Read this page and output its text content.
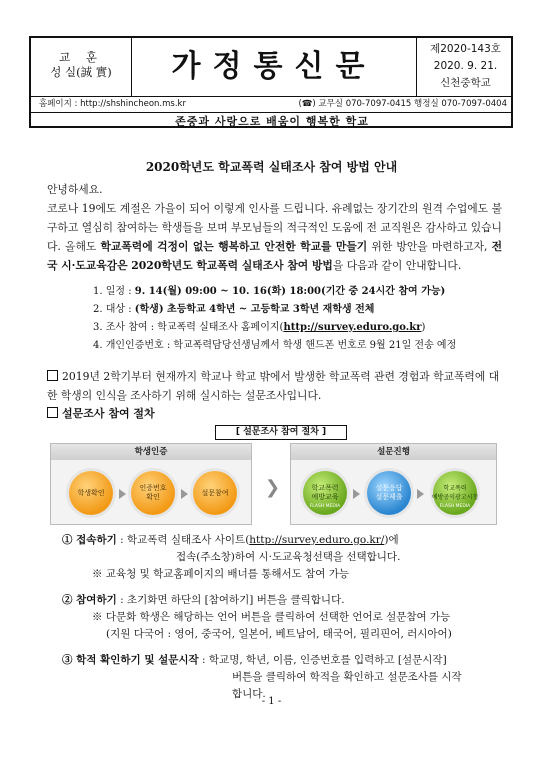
교 훈
성 실(誠 實)	가정통신문	제2020-143호
2020. 9. 21.
신천중학교
홈페이지 : http://shshincheon.ms.kr	(☎) 교무실 070-7097-0415 행정실 070-7097-0404
존중과 사랑으로 배움이 행복한 학교
2020학년도 학교폭력 실태조사 참여 방법 안내

안녕하세요.

코로나 19에도 계절은 가을이 되어 이렇게 인사를 드립니다. 유례없는 장기간의 원격 수업에도 불구하고 열심히 참여하는 학생들을 보며 부모님들의 적극적인 도움에 전 교직원은 감사하고 있습니다. 올해도 학교폭력에 걱정이 없는 행복하고 안전한 학교를 만들기 위한 방안을 마련하고자, 전국 시·도교육감은 2020학년도 학교폭력 실태조사 참여 방법을 다음과 같이 안내합니다.

1. 일정 : 9. 14(월) 09:00 ~ 10. 16(화) 18:00(기간 중 24시간 참여 가능)
2. 대상 : (학생) 초등학교 4학년 ~ 고등학교 3학년 재학생 전체
3. 조사 참여 : 학교폭력 실태조사 홈페이지(http://survey.eduro.go.kr)
4. 개인인증번호 : 학교폭력담당선생님께서 학생 핸드폰 번호로 9월 21일 전송 예정
2019년 2학기부터 현재까지 학교나 학교 밖에서 발생한 학교폭력 관련 경험과 학교폭력에 대한 학생의 인식을 조사하기 위해 실시하는 설문조사입니다.
설문조사 참여 절차
[ 설문조사 참여 절차 ]
학생인증
학생확인
인증번호
확인
설문참여	❯
설문진행
학교폭력
예방교육
FLASH MEDIA
설문응답
설문제출
학교폭력
예방공익광고시청
FLASH MEDIA
① 접속하기 : 학교폭력 실태조사 사이트(http://survey.eduro.go.kr/)에
접속(주소창)하여 시·도교육청선택을 선택합니다.
※ 교육청 및 학교홈페이지의 배너를 통해서도 참여 가능
② 참여하기 : 초기화면 하단의 [참여하기] 버튼을 클릭합니다.
※ 다문화 학생은 해당하는 언어 버튼을 클릭하여 선택한 언어로 설문참여 가능
(지원 다국어 : 영어, 중국어, 일본어, 베트남어, 태국어, 필리핀어, 러시아어)
③ 학적 확인하기 및 설문시작 : 학교명, 학년, 이름, 인증번호를 입력하고 [설문시작]
버튼을 클릭하여 학적을 확인하고 설문조사를 시작
합니다.
- 1 -
